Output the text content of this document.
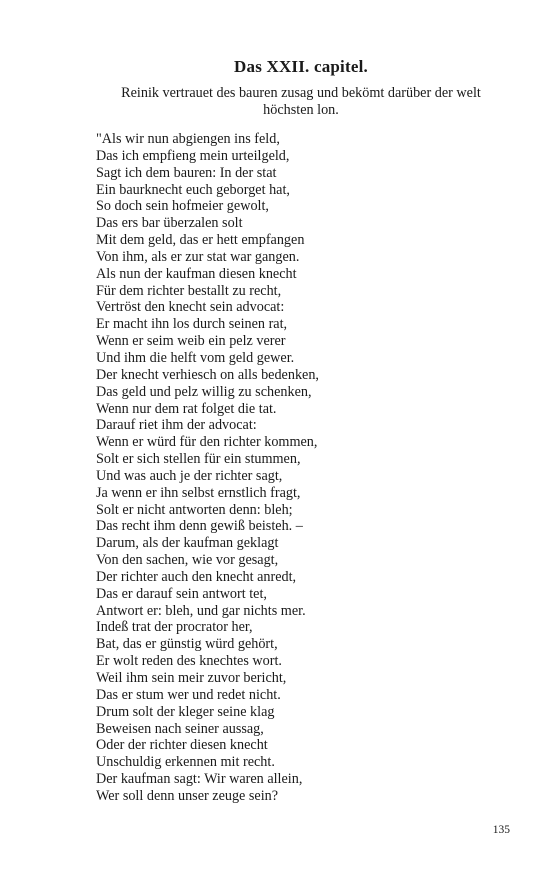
Das XXII. capitel.

Reinik vertrauet des bauren zusag und bekömt darüber der welt höchsten lon.

"Als wir nun abgiengen ins feld,
Das ich empfieng mein urteilgeld,
Sagt ich dem bauren: In der stat
Ein baurknecht euch geborget hat,
So doch sein hofmeier gewolt,
Das ers bar überzalen solt
Mit dem geld, das er hett empfangen
Von ihm, als er zur stat war gangen.
Als nun der kaufman diesen knecht
Für dem richter bestallt zu recht,
Vertröst den knecht sein advocat:
Er macht ihn los durch seinen rat,
Wenn er seim weib ein pelz verer
Und ihm die helft vom geld gewer.
Der knecht verhiesch on alls bedenken,
Das geld und pelz willig zu schenken,
Wenn nur dem rat folget die tat.
Darauf riet ihm der advocat:
Wenn er würd für den richter kommen,
Solt er sich stellen für ein stummen,
Und was auch je der richter sagt,
Ja wenn er ihn selbst ernstlich fragt,
Solt er nicht antworten denn: bleh;
Das recht ihm denn gewiß beisteh. –
Darum, als der kaufman geklagt
Von den sachen, wie vor gesagt,
Der richter auch den knecht anredt,
Das er darauf sein antwort tet,
Antwort er: bleh, und gar nichts mer.
Indeß trat der procrator her,
Bat, das er günstig würd gehört,
Er wolt reden des knechtes wort.
Weil ihm sein meir zuvor bericht,
Das er stum wer und redet nicht.
Drum solt der kleger seine klag
Beweisen nach seiner aussag,
Oder der richter diesen knecht
Unschuldig erkennen mit recht.
Der kaufman sagt: Wir waren allein,
Wer soll denn unser zeuge sein?
135
